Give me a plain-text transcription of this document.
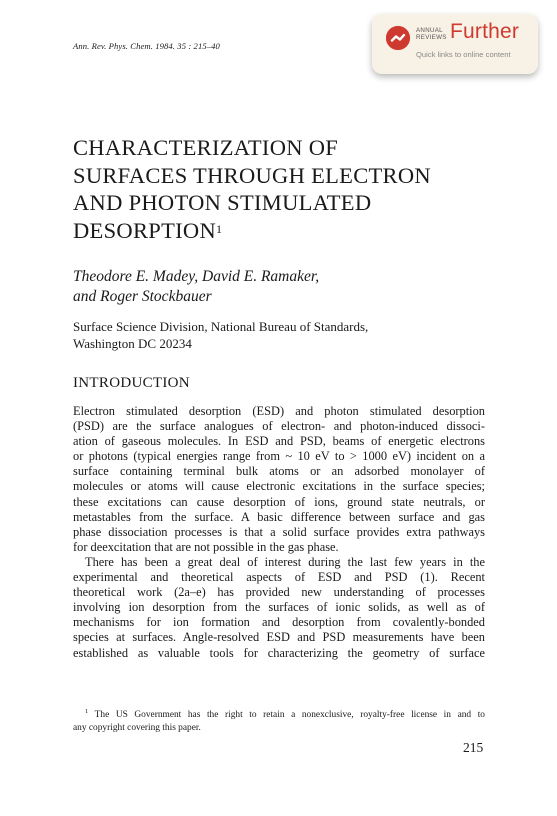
Ann. Rev. Phys. Chem. 1984. 35 : 215–40
ANNUAL
REVIEWS Further
Quick links to online content
CHARACTERIZATION OF
SURFACES THROUGH ELECTRON
AND PHOTON STIMULATED
DESORPTION$^1$
Theodore E. Madey, David E. Ramaker,
and Roger Stockbauer
Surface Science Division, National Bureau of Standards,
Washington DC 20234
INTRODUCTION
Electron stimulated desorption (ESD) and photon stimulated desorption
(PSD) are the surface analogues of electron- and photon-induced dissoci-
ation of gaseous molecules. In ESD and PSD, beams of energetic electrons
or photons (typical energies range from ~ 10 eV to > 1000 eV) incident on a
surface containing terminal bulk atoms or an adsorbed monolayer of
molecules or atoms will cause electronic excitations in the surface species;
these excitations can cause desorption of ions, ground state neutrals, or
metastables from the surface. A basic difference between surface and gas
phase dissociation processes is that a solid surface provides extra pathways
for deexcitation that are not possible in the gas phase.
There has been a great deal of interest during the last few years in the
experimental and theoretical aspects of ESD and PSD (1). Recent
theoretical work (2a–e) has provided new understanding of processes
involving ion desorption from the surfaces of ionic solids, as well as of
mechanisms for ion formation and desorption from covalently-bonded
species at surfaces. Angle-resolved ESD and PSD measurements have been
established as valuable tools for characterizing the geometry of surface
$^1$ The US Government has the right to retain a nonexclusive, royalty-free license in and to
any copyright covering this paper.
215
